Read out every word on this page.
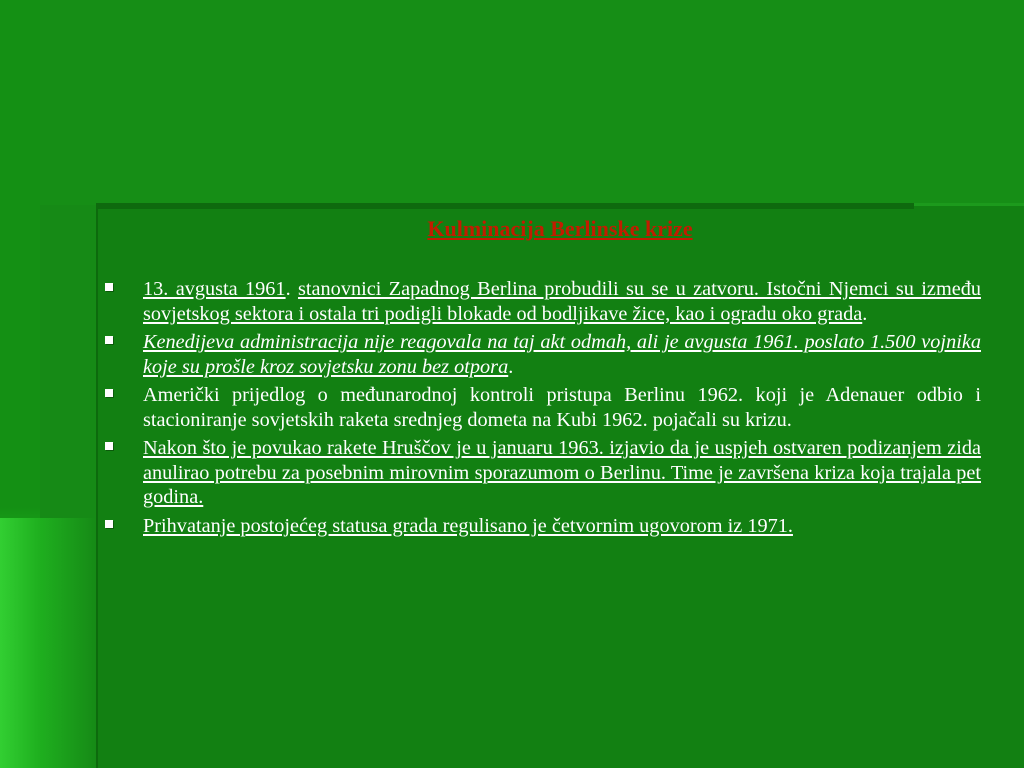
Kulminacija Berlinske krize
13. avgusta 1961. stanovnici Zapadnog Berlina probudili su se u zatvoru. Istočni Njemci su između sovjetskog sektora i ostala tri podigli blokade od bodljikave žice, kao i ogradu oko grada.
Kenedijeva administracija nije reagovala na taj akt odmah, ali je avgusta 1961. poslato 1.500 vojnika koje su prošle kroz sovjetsku zonu bez otpora.
Američki prijedlog o međunarodnoj kontroli pristupa Berlinu 1962. koji je Adenauer odbio i stacioniranje sovjetskih raketa srednjeg dometa na Kubi 1962. pojačali su krizu.
Nakon što je povukao rakete Hruščov je u januaru 1963. izjavio da je uspjeh ostvaren podizanjem zida anulirao potrebu za posebnim mirovnim sporazumom o Berlinu. Time je završena kriza koja trajala pet godina.
Prihvatanje postojećeg statusa grada regulisano je četvornim ugovorom iz 1971.
